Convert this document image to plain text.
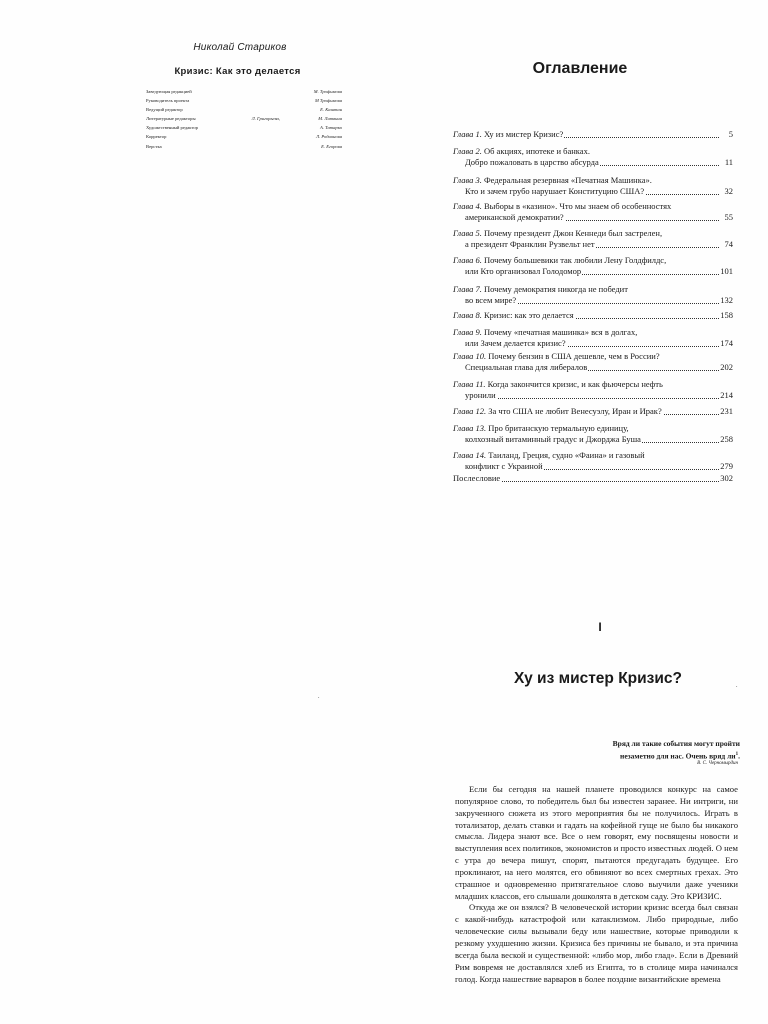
Николай Стариков
Кризис: Как это делается
Заведующая редакцией	М. Трофимова
Руководитель проекта	М Трофимова
Ведущий редактор	Е. Каштан
Литературные редакторы	Л. Григорьева,	М. Литвина
Художественный редактор	А. Татарко
Корректор	Л. Родионова
Верстка	Е. Егорова
.
Оглавление
Глава 1. Ху из мистер Кризис?	5
Глава 2. Об акциях, ипотеке и банках.
Добро пожаловать в царство абсурда	11
Глава 3. Федеральная резервная «Печатная Машинка».
Кто и зачем грубо нарушает Конституцию США?	32
Глава 4. Выборы в «казино». Что мы знаем об особенностях
американской демократии?	55
Глава 5. Почему президент Джон Кеннеди был застрелен,
а президент Франклин Рузвельт нет	74
Глава 6. Почему большевики так любили Лену Голдфилдс,
или Кто организовал Голодомор	101
Глава 7. Почему демократия никогда не победит
во всем мире?	132
Глава 8. Кризис: как это делается	158
Глава 9. Почему «печатная машинка» вся в долгах,
или Зачем делается кризис?	174
Глава 10. Почему бензин в США дешевле, чем в России?
Специальная глава для либералов	202
Глава 11. Когда закончится кризис, и как фьючерсы нефть
уронили	214
Глава 12. За что США не любит Венесуэлу, Иран и Ирак?	231
Глава 13. Про британскую термальную единицу,
колхозный витаминный градус и Джорджа Буша	258
Глава 14. Таиланд, Греция, судно «Фаина» и газовый
конфликт с Украиной	279
Послесловие	302
I
Ху из мистер Кризис?	.
Вряд ли такие события могут пройти
незаметно для нас. Очень вряд $ли^1$.
В. С. Черномырдин

Если бы сегодня на нашей планете проводился конкурс на самое популярное слово, то победитель был бы известен заранее. Ни интриги, ни закрученного сюжета из этого мероприятия бы не получилось. Играть в тотализатор, делать ставки и гадать на кофейной гуще не было бы никакого смысла. Лидера знают все. Все о нем говорят, ему посвящены новости и выступления всех политиков, экономистов и просто известных людей. О нем с утра до вечера пишут, спорят, пытаются предугадать будущее. Его проклинают, на него молятся, его обвиняют во всех смертных грехах. Это страшное и одновременно притягательное слово выучили даже ученики младших классов, его слышали дошколята в детском саду. Это КРИЗИС.

Откуда же он взялся? В человеческой истории кризис всегда был связан с какой-нибудь катастрофой или катаклизмом. Либо природные, либо человеческие силы вызывали беду или нашествие, которые приводили к резкому ухудшению жизни. Кризиса без причины не бывало, и эта причина всегда была веской и существенной: «либо мор, либо глад». Если в Древний Рим вовремя не доставлялся хлеб из Египта, то в столице мира начинался голод. Когда нашествие варваров в более поздние византийские времена
